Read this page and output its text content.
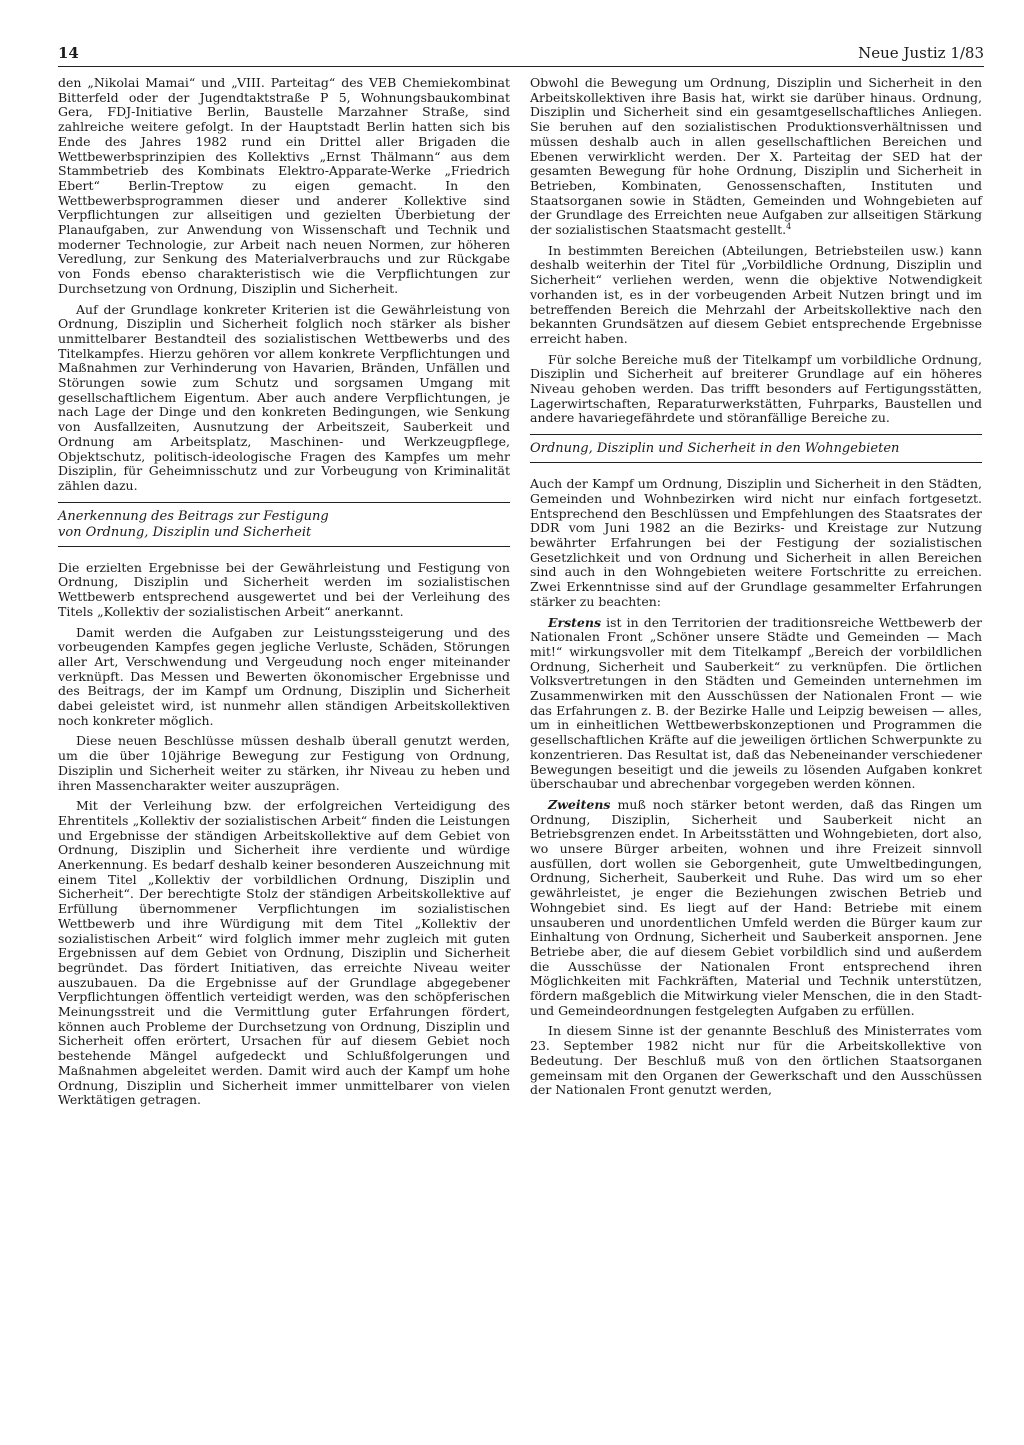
14	Neue Justiz 1/83

den „Nikolai Mamai“ und „VIII. Parteitag“ des VEB Chemiekombinat Bitterfeld oder der Jugendtaktstraße P 5, Wohnungsbaukombinat Gera, FDJ-Initiative Berlin, Baustelle Marzahner Straße, sind zahlreiche weitere gefolgt. In der Hauptstadt Berlin hatten sich bis Ende des Jahres 1982 rund ein Drittel aller Brigaden die Wettbewerbsprinzipien des Kollektivs „Ernst Thälmann“ aus dem Stammbetrieb des Kombinats Elektro-Apparate-Werke „Friedrich Ebert“ Berlin-Treptow zu eigen gemacht. In den Wettbewerbsprogrammen dieser und anderer Kollektive sind Verpflichtungen zur allseitigen und gezielten Überbietung der Planaufgaben, zur Anwendung von Wissenschaft und Technik und moderner Technologie, zur Arbeit nach neuen Normen, zur höheren Veredlung, zur Senkung des Materialverbrauchs und zur Rückgabe von Fonds ebenso charakteristisch wie die Verpflichtungen zur Durchsetzung von Ordnung, Disziplin und Sicherheit.

Auf der Grundlage konkreter Kriterien ist die Gewährleistung von Ordnung, Disziplin und Sicherheit folglich noch stärker als bisher unmittelbarer Bestandteil des sozialistischen Wettbewerbs und des Titelkampfes. Hierzu gehören vor allem konkrete Verpflichtungen und Maßnahmen zur Verhinderung von Havarien, Bränden, Unfällen und Störungen sowie zum Schutz und sorgsamen Umgang mit gesellschaftlichem Eigentum. Aber auch andere Verpflichtungen, je nach Lage der Dinge und den konkreten Bedingungen, wie Senkung von Ausfallzeiten, Ausnutzung der Arbeitszeit, Sauberkeit und Ordnung am Arbeitsplatz, Maschinen- und Werkzeugpflege, Objektschutz, politisch-ideologische Fragen des Kampfes um mehr Disziplin, für Geheimnisschutz und zur Vorbeugung von Kriminalität zählen dazu.

Anerkennung des Beitrags zur Festigung
von Ordnung, Disziplin und Sicherheit

Die erzielten Ergebnisse bei der Gewährleistung und Festigung von Ordnung, Disziplin und Sicherheit werden im sozialistischen Wettbewerb entsprechend ausgewertet und bei der Verleihung des Titels „Kollektiv der sozialistischen Arbeit“ anerkannt.

Damit werden die Aufgaben zur Leistungssteigerung und des vorbeugenden Kampfes gegen jegliche Verluste, Schäden, Störungen aller Art, Verschwendung und Vergeudung noch enger miteinander verknüpft. Das Messen und Bewerten ökonomischer Ergebnisse und des Beitrags, der im Kampf um Ordnung, Disziplin und Sicherheit dabei geleistet wird, ist nunmehr allen ständigen Arbeitskollektiven noch konkreter möglich.

Diese neuen Beschlüsse müssen deshalb überall genutzt werden, um die über 10jährige Bewegung zur Festigung von Ordnung, Disziplin und Sicherheit weiter zu stärken, ihr Niveau zu heben und ihren Massencharakter weiter auszuprägen.

Mit der Verleihung bzw. der erfolgreichen Verteidigung des Ehrentitels „Kollektiv der sozialistischen Arbeit“ finden die Leistungen und Ergebnisse der ständigen Arbeitskollektive auf dem Gebiet von Ordnung, Disziplin und Sicherheit ihre verdiente und würdige Anerkennung. Es bedarf deshalb keiner besonderen Auszeichnung mit einem Titel „Kollektiv der vorbildlichen Ordnung, Disziplin und Sicherheit“. Der berechtigte Stolz der ständigen Arbeitskollektive auf Erfüllung übernommener Verpflichtungen im sozialistischen Wettbewerb und ihre Würdigung mit dem Titel „Kollektiv der sozialistischen Arbeit“ wird folglich immer mehr zugleich mit guten Ergebnissen auf dem Gebiet von Ordnung, Disziplin und Sicherheit begründet. Das fördert Initiativen, das erreichte Niveau weiter auszubauen. Da die Ergebnisse auf der Grundlage abgegebener Verpflichtungen öffentlich verteidigt werden, was den schöpferischen Meinungsstreit und die Vermittlung guter Erfahrungen fördert, können auch Probleme der Durchsetzung von Ordnung, Disziplin und Sicherheit offen erörtert, Ursachen für auf diesem Gebiet noch bestehende Mängel aufgedeckt und Schlußfolgerungen und Maßnahmen abgeleitet werden. Damit wird auch der Kampf um hohe Ordnung, Disziplin und Sicherheit immer unmittelbarer von vielen Werktätigen getragen.

Obwohl die Bewegung um Ordnung, Disziplin und Sicherheit in den Arbeitskollektiven ihre Basis hat, wirkt sie darüber hinaus. Ordnung, Disziplin und Sicherheit sind ein gesamtgesellschaftliches Anliegen. Sie beruhen auf den sozialistischen Produktionsverhältnissen und müssen deshalb auch in allen gesellschaftlichen Bereichen und Ebenen verwirklicht werden. Der X. Parteitag der SED hat der gesamten Bewegung für hohe Ordnung, Disziplin und Sicherheit in Betrieben, Kombinaten, Genossenschaften, Instituten und Staatsorganen sowie in Städten, Gemeinden und Wohngebieten auf der Grundlage des Erreichten neue Aufgaben zur allseitigen Stärkung der sozialistischen Staatsmacht gestellt.$^4$

In bestimmten Bereichen (Abteilungen, Betriebsteilen usw.) kann deshalb weiterhin der Titel für „Vorbildliche Ordnung, Disziplin und Sicherheit“ verliehen werden, wenn die objektive Notwendigkeit vorhanden ist, es in der vorbeugenden Arbeit Nutzen bringt und im betreffenden Bereich die Mehrzahl der Arbeitskollektive nach den bekannten Grundsätzen auf diesem Gebiet entsprechende Ergebnisse erreicht haben.

Für solche Bereiche muß der Titelkampf um vorbildliche Ordnung, Disziplin und Sicherheit auf breiterer Grundlage auf ein höheres Niveau gehoben werden. Das trifft besonders auf Fertigungsstätten, Lagerwirtschaften, Reparaturwerkstätten, Fuhrparks, Baustellen und andere havariegefährdete und störanfällige Bereiche zu.

Ordnung, Disziplin und Sicherheit in den Wohngebieten

Auch der Kampf um Ordnung, Disziplin und Sicherheit in den Städten, Gemeinden und Wohnbezirken wird nicht nur einfach fortgesetzt. Entsprechend den Beschlüssen und Empfehlungen des Staatsrates der DDR vom Juni 1982 an die Bezirks- und Kreistage zur Nutzung bewährter Erfahrungen bei der Festigung der sozialistischen Gesetzlichkeit und von Ordnung und Sicherheit in allen Bereichen sind auch in den Wohngebieten weitere Fortschritte zu erreichen. Zwei Erkenntnisse sind auf der Grundlage gesammelter Erfahrungen stärker zu beachten:

Erstens ist in den Territorien der traditionsreiche Wettbewerb der Nationalen Front „Schöner unsere Städte und Gemeinden — Mach mit!“ wirkungsvoller mit dem Titelkampf „Bereich der vorbildlichen Ordnung, Sicherheit und Sauberkeit“ zu verknüpfen. Die örtlichen Volksvertretungen in den Städten und Gemeinden unternehmen im Zusammenwirken mit den Ausschüssen der Nationalen Front — wie das Erfahrungen z. B. der Bezirke Halle und Leipzig beweisen — alles, um in einheitlichen Wettbewerbskonzeptionen und Programmen die gesellschaftlichen Kräfte auf die jeweiligen örtlichen Schwerpunkte zu konzentrieren. Das Resultat ist, daß das Nebeneinander verschiedener Bewegungen beseitigt und die jeweils zu lösenden Aufgaben konkret überschaubar und abrechenbar vorgegeben werden können.

Zweitens muß noch stärker betont werden, daß das Ringen um Ordnung, Disziplin, Sicherheit und Sauberkeit nicht an Betriebsgrenzen endet. In Arbeitsstätten und Wohngebieten, dort also, wo unsere Bürger arbeiten, wohnen und ihre Freizeit sinnvoll ausfüllen, dort wollen sie Geborgenheit, gute Umweltbedingungen, Ordnung, Sicherheit, Sauberkeit und Ruhe. Das wird um so eher gewährleistet, je enger die Beziehungen zwischen Betrieb und Wohngebiet sind. Es liegt auf der Hand: Betriebe mit einem unsauberen und unordentlichen Umfeld werden die Bürger kaum zur Einhaltung von Ordnung, Sicherheit und Sauberkeit anspornen. Jene Betriebe aber, die auf diesem Gebiet vorbildlich sind und außerdem die Ausschüsse der Nationalen Front entsprechend ihren Möglichkeiten mit Fachkräften, Material und Technik unterstützen, fördern maßgeblich die Mitwirkung vieler Menschen, die in den Stadt- und Gemeindeordnungen festgelegten Aufgaben zu erfüllen.

In diesem Sinne ist der genannte Beschluß des Ministerrates vom 23. September 1982 nicht nur für die Arbeitskollektive von Bedeutung. Der Beschluß muß von den örtlichen Staatsorganen gemeinsam mit den Organen der Gewerkschaft und den Ausschüssen der Nationalen Front genutzt werden,
